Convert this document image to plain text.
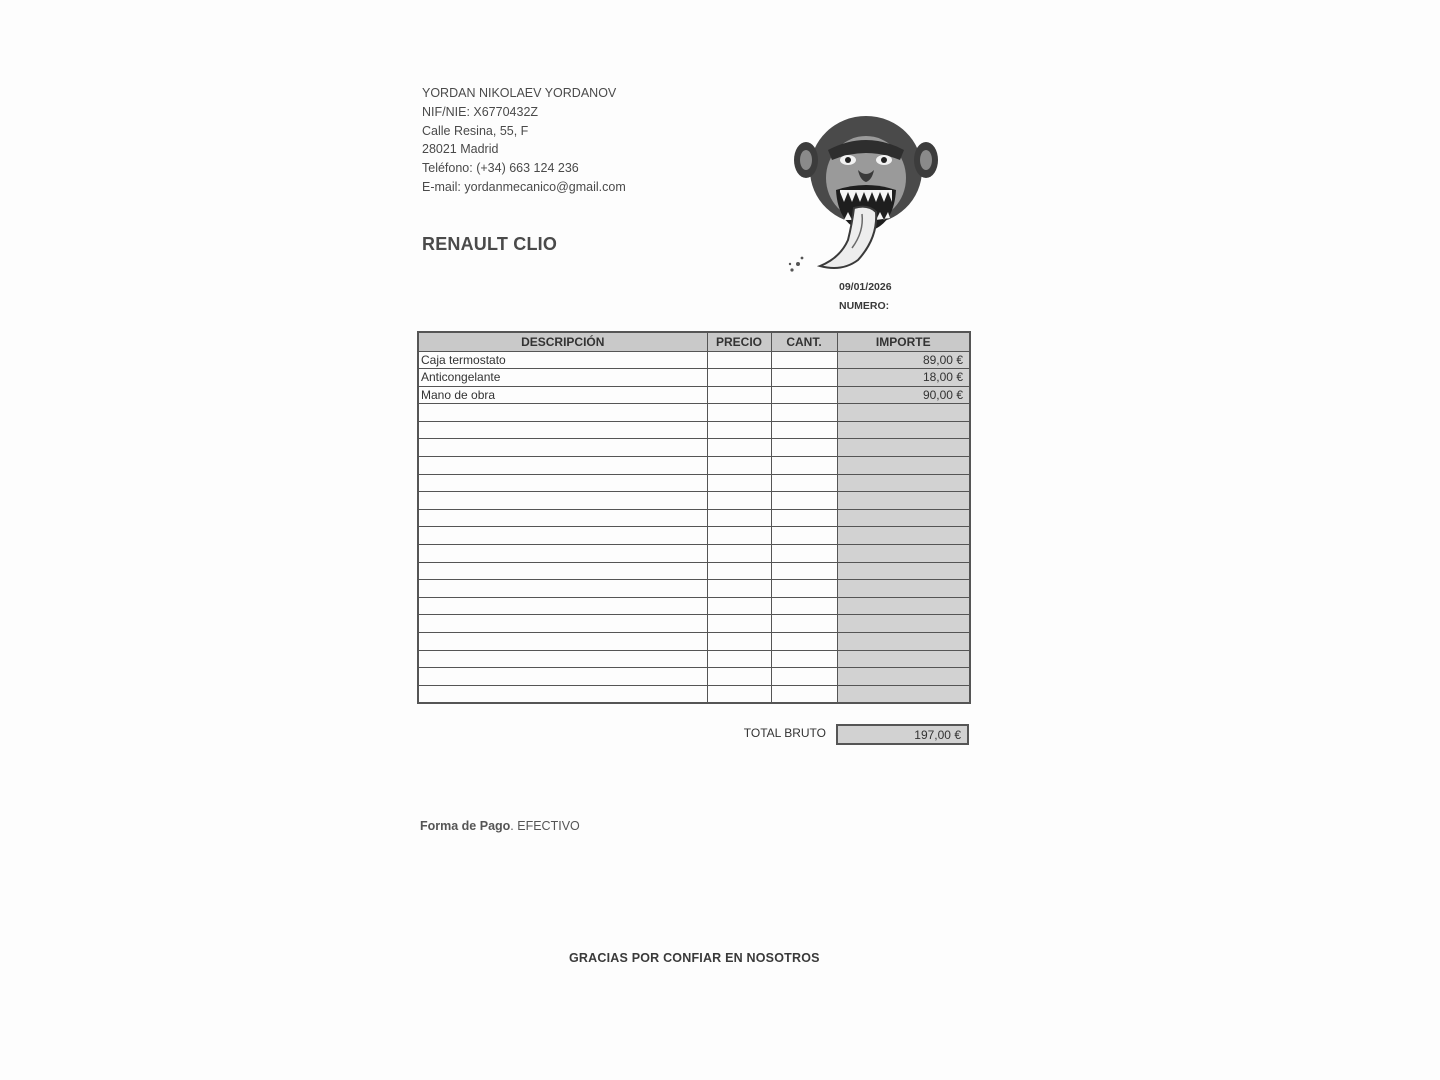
YORDAN NIKOLAEV YORDANOV
NIF/NIE: X6770432Z
Calle Resina, 55, F
28021 Madrid
Teléfono: (+34) 663 124 236
E-mail: yordanmecanico@gmail.com
RENAULT CLIO
09/01/2026
NUMERO:
DESCRIPCIÓN	PRECIO	CANT.	IMPORTE
Caja termostato			89,00 €
Anticongelante			18,00 €
Mano de obra			90,00 €

TOTAL BRUTO	197,00 €
Forma de Pago. EFECTIVO
GRACIAS POR CONFIAR EN NOSOTROS
